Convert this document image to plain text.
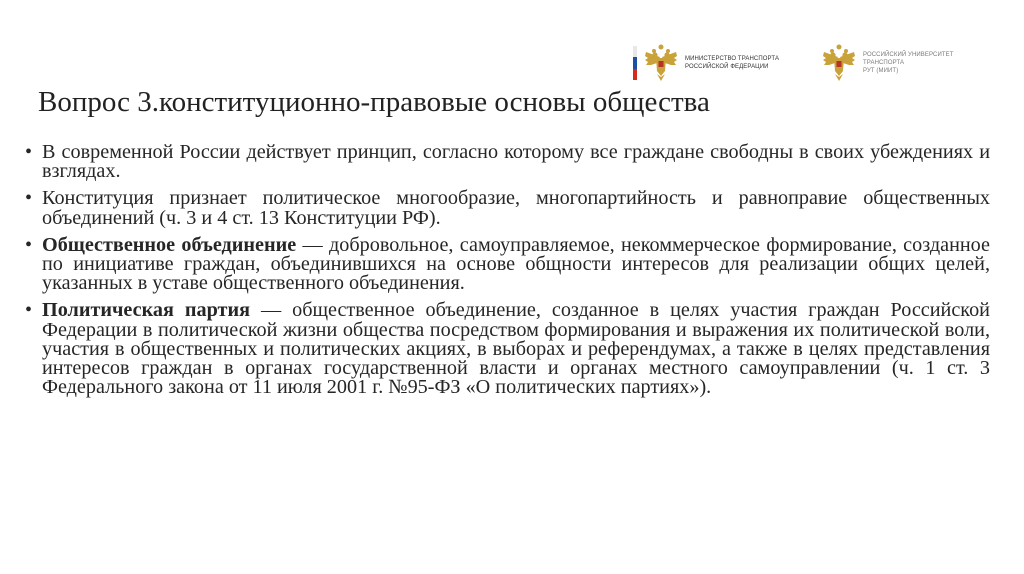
МИНИСТЕРСТВО ТРАНСПОРТА
РОССИЙСКОЙ ФЕДЕРАЦИИ
РОССИЙСКИЙ УНИВЕРСИТЕТ
ТРАНСПОРТА
РУТ (МИИТ)
Вопрос 3.конституционно-правовые основы общества
• В современной России действует принцип, согласно которому все граждане свободны в своих убеждениях и взглядах.
• Конституция признает политическое многообразие, многопартийность и равноправие общественных объединений (ч. 3 и 4 ст. 13 Конституции РФ).
• Общественное объединение — добровольное, самоуправляемое, некоммерческое формирование, созданное по инициативе граждан, объединившихся на основе общности интересов для реализации общих целей, указанных в уставе общественного объединения.
• Политическая партия — общественное объединение, созданное в целях участия граждан Российской Федерации в политической жизни общества посредством формирования и выражения их политической воли, участия в общественных и политических акциях, в выборах и референдумах, а также в целях представления интересов граждан в органах государственной власти и органах местного самоуправлении (ч. 1 ст. 3 Федерального закона от 11 июля 2001 г. №95-ФЗ «О политических партиях»).
